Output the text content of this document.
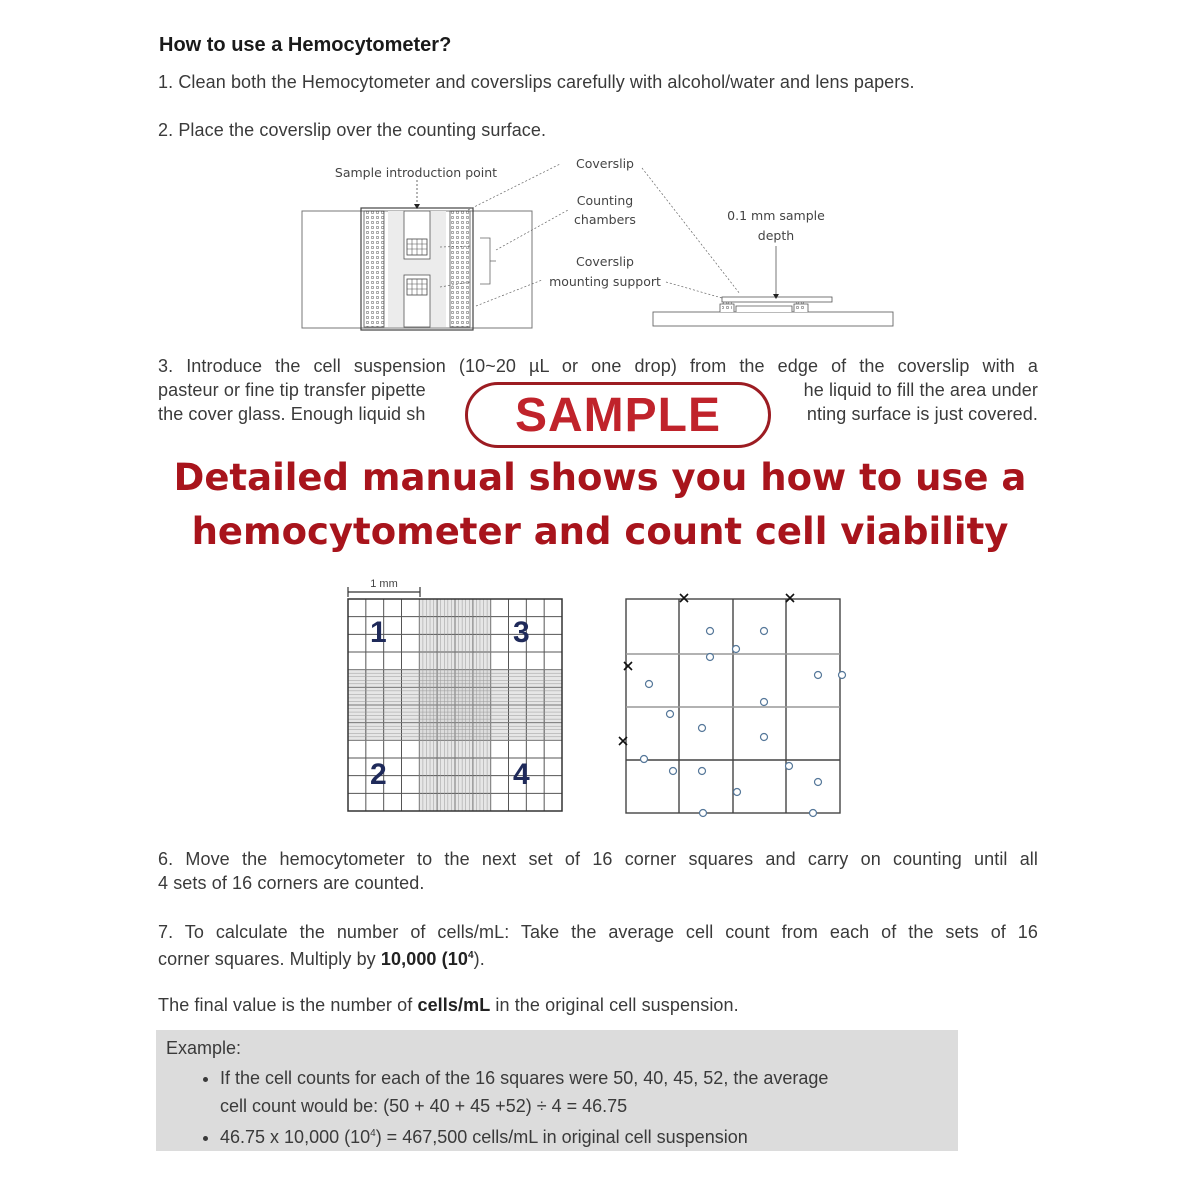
How to use a Hemocytometer?
1. Clean both the Hemocytometer and coverslips carefully with alcohol/water and lens papers.
2. Place the coverslip over the counting surface.
Sample introduction point
Coverslip
Counting
chambers
Coverslip
mounting support
0.1 mm sample
depth
3. Introduce the cell suspension (10~20 µL or one drop) from the edge of the coverslip with a
pasteur or fine tip transfer pipette	he liquid to fill the area under
the cover glass. Enough liquid sh	nting surface is just covered.
SAMPLE
Detailed manual shows you how to use a
hemocytometer and count cell viability
1 mm
1	3
2	4
6. Move the hemocytometer to the next set of 16 corner squares and carry on counting until all
4 sets of 16 corners are counted.
7. To calculate the number of cells/mL: Take the average cell count from each of the sets of 16
corner squares. Multiply by 10,000 $(10^4)$.
The final value is the number of cells/mL in the original cell suspension.
Example:
• If the cell counts for each of the 16 squares were 50, 40, 45, 52, the average
cell count would be: (50 + 40 + 45 +52) ÷ 4 = 46.75
• 46.75 x 10,000 $(10^4) = 467,500$ cells/mL in original cell suspension
